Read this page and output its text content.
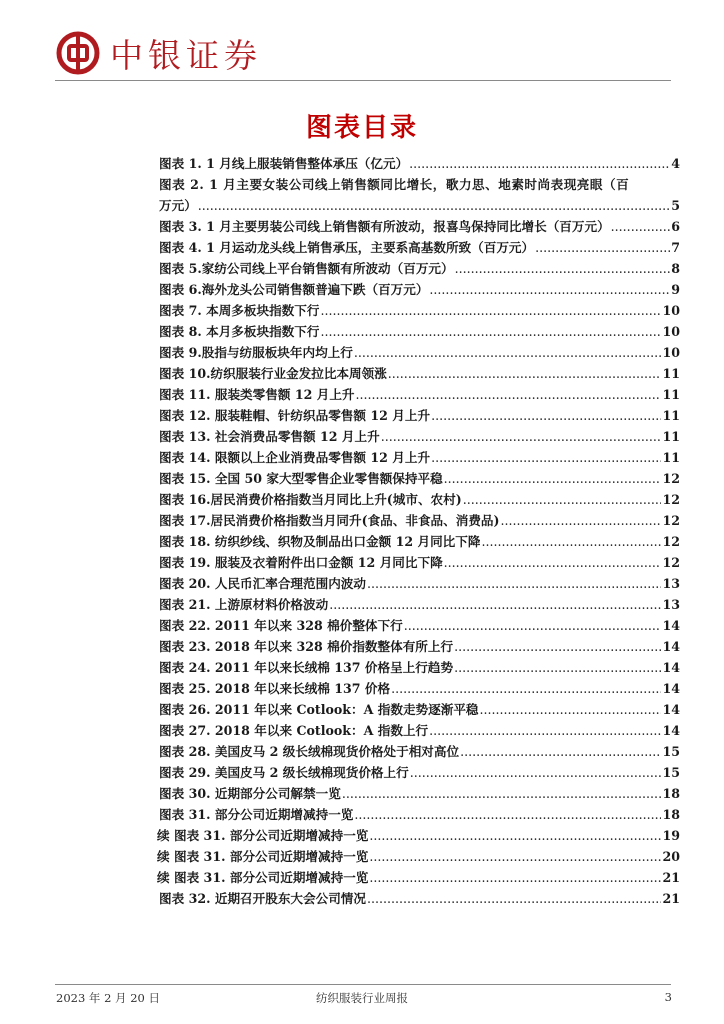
中银证券
图表目录
图表 1. 1 月线上服装销售整体承压（亿元） .....	4
图表 2. 1 月主要女装公司线上销售额同比增长，歌力思、地素时尚表现亮眼（百
万元） .....	5
图表 3. 1 月主要男装公司线上销售额有所波动，报喜鸟保持同比增长（百万元） .....	6
图表 4. 1 月运动龙头线上销售承压，主要系高基数所致（百万元） .....	7
图表 5.家纺公司线上平台销售额有所波动（百万元） .....	8
图表 6.海外龙头公司销售额普遍下跌（百万元） .....	9
图表 7. 本周多板块指数下行 .....	10
图表 8. 本月多板块指数下行 .....	10
图表 9.股指与纺服板块年内均上行 .....	10
图表 10.纺织服装行业金发拉比本周领涨 .....	11
图表 11. 服装类零售额 12 月上升 .....	11
图表 12. 服装鞋帽、针纺织品零售额 12 月上升 .....	11
图表 13. 社会消费品零售额 12 月上升 .....	11
图表 14. 限额以上企业消费品零售额 12 月上升 .....	11
图表 15. 全国 50 家大型零售企业零售额保持平稳 .....	12
图表 16.居民消费价格指数当月同比上升(城市、农村) .....	12
图表 17.居民消费价格指数当月同升(食品、非食品、消费品) .....	12
图表 18. 纺织纱线、织物及制品出口金额 12 月同比下降 .....	12
图表 19. 服装及衣着附件出口金额 12 月同比下降 .....	12
图表 20. 人民币汇率合理范围内波动 .....	13
图表 21. 上游原材料价格波动 .....	13
图表 22. 2011 年以来 328 棉价整体下行 .....	14
图表 23. 2018 年以来 328 棉价指数整体有所上行 .....	14
图表 24. 2011 年以来长绒棉 137 价格呈上行趋势 .....	14
图表 25. 2018 年以来长绒棉 137 价格 .....	14
图表 26. 2011 年以来 Cotlook：A 指数走势逐渐平稳 .....	14
图表 27. 2018 年以来 Cotlook：A 指数上行 .....	14
图表 28. 美国皮马 2 级长绒棉现货价格处于相对高位 .....	15
图表 29. 美国皮马 2 级长绒棉现货价格上行 .....	15
图表 30. 近期部分公司解禁一览 .....	18
图表 31. 部分公司近期增减持一览 .....	18
续 图表 31. 部分公司近期增减持一览 .....	19
续 图表 31. 部分公司近期增减持一览 .....	20
续 图表 31. 部分公司近期增减持一览 .....	21
图表 32. 近期召开股东大会公司情况 .....	21
2023 年 2 月 20 日	纺织服装行业周报	3
